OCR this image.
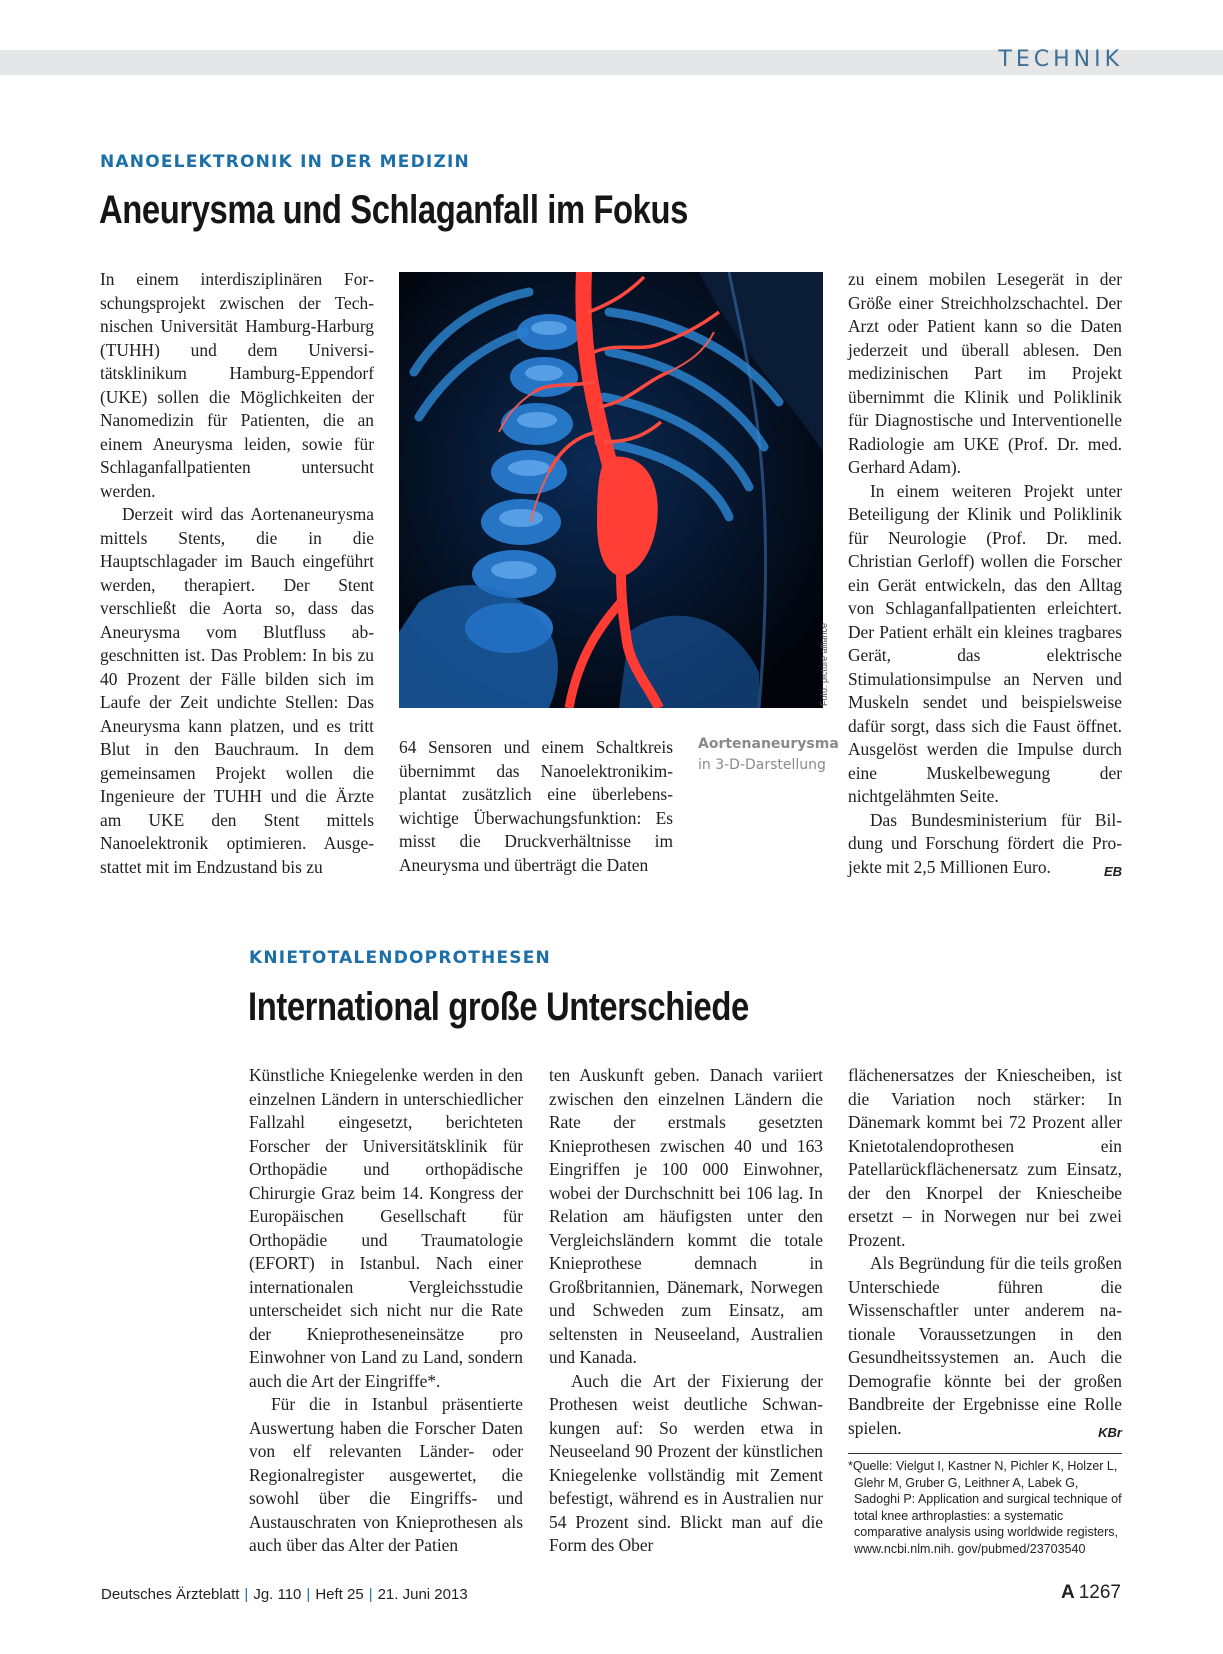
TECHNIK
NANOELEKTRONIK IN DER MEDIZIN
Aneurysma und Schlaganfall im Fokus

In einem interdisziplinären Forschungsprojekt zwischen der Technischen Universität Hamburg-Harburg (TUHH) und dem Universitätsklinikum Hamburg-Eppendorf (UKE) sollen die Möglichkeiten der Nanomedizin für Patienten, die an einem Aneurysma leiden, sowie für Schlaganfallpatienten untersucht werden.

Derzeit wird das Aortenaneurysma mittels Stents, die in die Hauptschlagader im Bauch eingeführt werden, therapiert. Der Stent verschließt die Aorta so, dass das Aneurysma vom Blutfluss abgeschnitten ist. Das Problem: In bis zu 40 Prozent der Fälle bilden sich im Laufe der Zeit undichte Stellen: Das Aneurysma kann platzen, und es tritt Blut in den Bauchraum. In dem gemeinsamen Projekt wollen die Ingenieure der TUHH und die Ärzte am UKE den Stent mittels Nanoelektronik optimieren. Ausgestattet mit im Endzustand bis zu

Foto: picture alliance

64 Sensoren und einem Schaltkreis übernimmt das Nanoelektronikimplantat zusätzlich eine überlebenswichtige Überwachungsfunktion: Es misst die Druckverhältnisse im Aneurysma und überträgt die Daten

Aortenaneurysma
in 3-D-Darstellung

zu einem mobilen Lesegerät in der Größe einer Streichholzschachtel. Der Arzt oder Patient kann so die Daten jederzeit und überall ablesen. Den medizinischen Part im Projekt übernimmt die Klinik und Poliklinik für Diagnostische und Interventionelle Radiologie am UKE (Prof. Dr. med. Gerhard Adam).

In einem weiteren Projekt unter Beteiligung der Klinik und Poliklinik für Neurologie (Prof. Dr. med. Christian Gerloff) wollen die Forscher ein Gerät entwickeln, das den Alltag von Schlaganfallpatienten erleichtert. Der Patient erhält ein kleines tragbares Gerät, das elektrische Stimulationsimpulse an Nerven und Muskeln sendet und beispielsweise dafür sorgt, dass sich die Faust öffnet. Ausgelöst werden die Impulse durch eine Muskelbewegung der nichtgelähmten Seite.

Das Bundesministerium für Bildung und Forschung fördert die Projekte mit 2,5 Millionen Euro.	EB

KNIETOTALENDOPROTHESEN
International große Unterschiede

Künstliche Kniegelenke werden in den einzelnen Ländern in unterschiedlicher Fallzahl eingesetzt, berichteten Forscher der Universitätsklinik für Orthopädie und orthopädische Chirurgie Graz beim 14. Kongress der Europäischen Gesellschaft für Orthopädie und Traumatologie (EFORT) in Istanbul. Nach einer internationalen Vergleichsstudie unterscheidet sich nicht nur die Rate der Knieprotheseneinsätze pro Einwohner von Land zu Land, sondern auch die Art der Eingriffe*.

Für die in Istanbul präsentierte Auswertung haben die Forscher Daten von elf relevanten Länder- oder Regionalregister ausgewertet, die sowohl über die Eingriffs- und Austauschraten von Knieprothesen als auch über das Alter der Patien

ten Auskunft geben. Danach variiert zwischen den einzelnen Ländern die Rate der erstmals gesetzten Knieprothesen zwischen 40 und 163 Eingriffen je 100 000 Einwohner, wobei der Durchschnitt bei 106 lag. In Relation am häufigsten unter den Vergleichsländern kommt die totale Knieprothese demnach in Großbritannien, Dänemark, Norwegen und Schweden zum Einsatz, am seltensten in Neuseeland, Australien und Kanada.

Auch die Art der Fixierung der Prothesen weist deutliche Schwankungen auf: So werden etwa in Neuseeland 90 Prozent der künstlichen Kniegelenke vollständig mit Zement befestigt, während es in Australien nur 54 Prozent sind. Blickt man auf die Form des Ober

flächenersatzes der Kniescheiben, ist die Variation noch stärker: In Dänemark kommt bei 72 Prozent aller Knietotalendoprothesen ein Patellarückflächenersatz zum Einsatz, der den Knorpel der Kniescheibe ersetzt – in Norwegen nur bei zwei Prozent.

Als Begründung für die teils großen Unterschiede führen die Wissenschaftler unter anderem nationale Voraussetzungen in den Gesundheitssystemen an. Auch die Demografie könnte bei der großen Bandbreite der Ergebnisse eine Rolle spielen.	KBr

*Quelle: Vielgut I, Kastner N, Pichler K, Holzer L,
Glehr M, Gruber G, Leithner A, Labek G, Sadoghi P: Application and surgical technique of total knee arthroplasties: a systematic comparative analysis using worldwide registers, www.ncbi.nlm.nih. gov/pubmed/23703540
Deutsches Ärzteblatt | Jg. 110 | Heft 25 | 21. Juni 2013	A 1267
